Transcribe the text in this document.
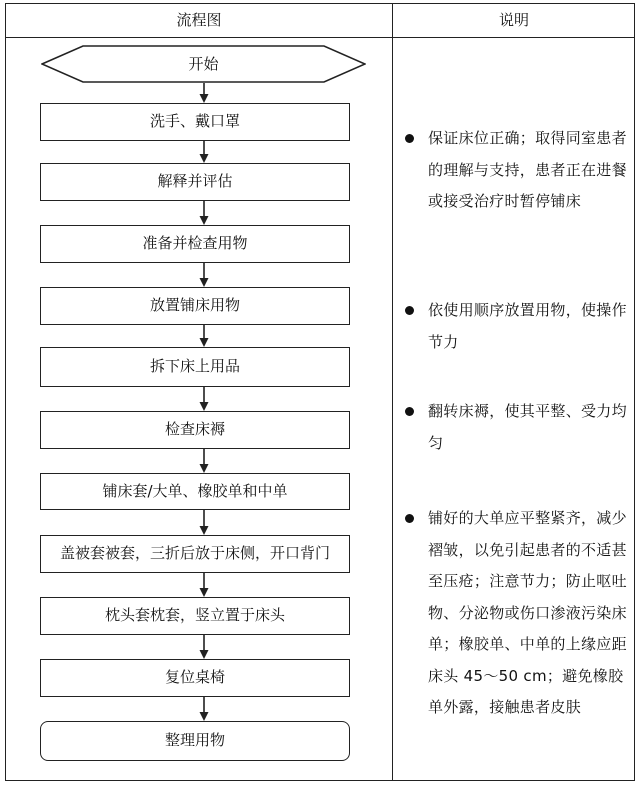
流程图	说明
开始
洗手、戴口罩
解释并评估
准备并检查用物
放置铺床用物
拆下床上用品
检查床褥
铺床套/大单、橡胶单和中单
盖被套被套，三折后放于床侧，开口背门
枕头套枕套，竖立置于床头
复位桌椅
整理用物
保证床位正确；取得同室患者的理解与支持，患者正在进餐或接受治疗时暂停铺床
依使用顺序放置用物，使操作节力
翻转床褥，使其平整、受力均匀
铺好的大单应平整紧齐，减少褶皱，以免引起患者的不适甚至压疮；注意节力；防止呕吐物、分泌物或伤口渗液污染床单；橡胶单、中单的上缘应距床头 45～50 cm；避免橡胶单外露，接触患者皮肤
